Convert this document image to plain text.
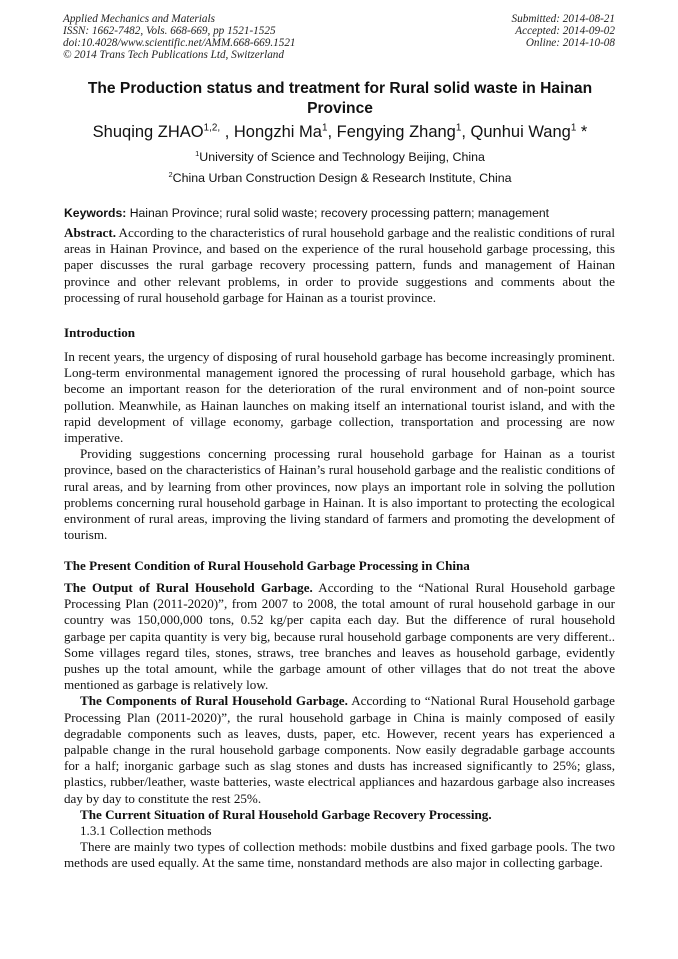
Applied Mechanics and Materials
ISSN: 1662-7482, Vols. 668-669, pp 1521-1525
doi:10.4028/www.scientific.net/AMM.668-669.1521
© 2014 Trans Tech Publications Ltd, Switzerland
Submitted: 2014-08-21
Accepted: 2014-09-02
Online: 2014-10-08
The Production status and treatment for Rural solid waste in Hainan Province
Shuqing $ZHAO^{1,2,}$ , Hongzhi Ma$^1$, Fengying Zhang$^1$, Qunhui Wang$^1$ *
$^1$University of Science and Technology Beijing, China
$^2$China Urban Construction Design & Research Institute, China
Keywords: Hainan Province; rural solid waste; recovery processing pattern; management

Abstract. According to the characteristics of rural household garbage and the realistic conditions of rural areas in Hainan Province, and based on the experience of the rural household garbage processing, this paper discusses the rural garbage recovery processing pattern, funds and management of Hainan province and other relevant problems, in order to provide suggestions and comments about the processing of rural household garbage for Hainan as a tourist province.

Introduction

In recent years, the urgency of disposing of rural household garbage has become increasingly prominent. Long-term environmental management ignored the processing of rural household garbage, which has become an important reason for the deterioration of the rural environment and of non-point source pollution. Meanwhile, as Hainan launches on making itself an international tourist island, and with the rapid development of village economy, garbage collection, transportation and processing are now imperative.

Providing suggestions concerning processing rural household garbage for Hainan as a tourist province, based on the characteristics of Hainan’s rural household garbage and the realistic conditions of rural areas, and by learning from other provinces, now plays an important role in solving the pollution problems concerning rural household garbage in Hainan. It is also important to protecting the ecological environment of rural areas, improving the living standard of farmers and promoting the development of tourism.

The Present Condition of Rural Household Garbage Processing in China

The Output of Rural Household Garbage. According to the “National Rural Household garbage Processing Plan (2011-2020)”, from 2007 to 2008, the total amount of rural household garbage in our country was 150,000,000 tons, 0.52 kg/per capita each day. But the difference of rural household garbage per capita quantity is very big, because rural household garbage components are very different.. Some villages regard tiles, stones, straws, tree branches and leaves as household garbage, evidently pushes up the total amount, while the garbage amount of other villages that do not treat the above mentioned as garbage is relatively low.

The Components of Rural Household Garbage. According to “National Rural Household garbage Processing Plan (2011-2020)”, the rural household garbage in China is mainly composed of easily degradable components such as leaves, dusts, paper, etc. However, recent years has experienced a palpable change in the rural household garbage components. Now easily degradable garbage accounts for a half; inorganic garbage such as slag stones and dusts has increased significantly to 25%; glass, plastics, rubber/leather, waste batteries, waste electrical appliances and hazardous garbage also increases day by day to constitute the rest 25%.

The Current Situation of Rural Household Garbage Recovery Processing.

1.3.1 Collection methods

There are mainly two types of collection methods: mobile dustbins and fixed garbage pools. The two methods are used equally. At the same time, nonstandard methods are also major in collecting garbage.
